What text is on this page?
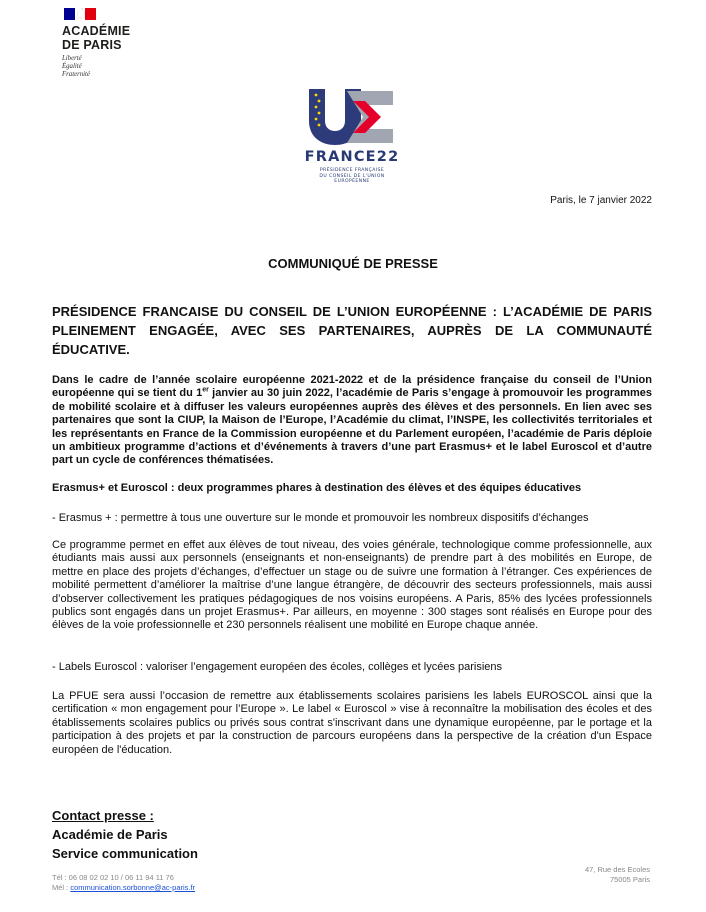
ACADÉMIE
DE PARIS
Liberté
Égalité
Fraternité
FRANCE22
PRÉSIDENCE FRANÇAISE
DU CONSEIL DE L'UNION
EUROPÉENNE
Paris, le 7 janvier 2022
COMMUNIQUÉ DE PRESSE
PRÉSIDENCE FRANCAISE DU CONSEIL DE L’UNION EUROPÉENNE : L’ACADÉMIE DE PARIS PLEINEMENT ENGAGÉE, AVEC SES PARTENAIRES, AUPRÈS DE LA COMMUNAUTÉ ÉDUCATIVE.
Dans le cadre de l’année scolaire européenne 2021-2022 et de la présidence française du conseil de l’Union européenne qui se tient du 1er janvier au 30 juin 2022, l’académie de Paris s’engage à promouvoir les programmes de mobilité scolaire et à diffuser les valeurs européennes auprès des élèves et des personnels. En lien avec ses partenaires que sont la CIUP, la Maison de l’Europe, l’Académie du climat, l’INSPE, les collectivités territoriales et les représentants en France de la Commission européenne et du Parlement européen, l’académie de Paris déploie un ambitieux programme d’actions et d’événements à travers d’une part Erasmus+ et le label Euroscol et d’autre part un cycle de conférences thématisées.
Erasmus+ et Euroscol : deux programmes phares à destination des élèves et des équipes éducatives
- Erasmus + : permettre à tous une ouverture sur le monde et promouvoir les nombreux dispositifs d’échanges
Ce programme permet en effet aux élèves de tout niveau, des voies générale, technologique comme professionnelle, aux étudiants mais aussi aux personnels (enseignants et non-enseignants) de prendre part à des mobilités en Europe, de mettre en place des projets d’échanges, d’effectuer un stage ou de suivre une formation à l’étranger. Ces expériences de mobilité permettent d’améliorer la maîtrise d’une langue étrangère, de découvrir des secteurs professionnels, mais aussi d’observer collectivement les pratiques pédagogiques de nos voisins européens. A Paris, 85% des lycées professionnels publics sont engagés dans un projet Erasmus+. Par ailleurs, en moyenne : 300 stages sont réalisés en Europe pour des élèves de la voie professionnelle et 230 personnels réalisent une mobilité en Europe chaque année.
- Labels Euroscol : valoriser l’engagement européen des écoles, collèges et lycées parisiens
La PFUE sera aussi l’occasion de remettre aux établissements scolaires parisiens les labels EUROSCOL ainsi que la certification « mon engagement pour l’Europe ». Le label « Euroscol » vise à reconnaître la mobilisation des écoles et des établissements scolaires publics ou privés sous contrat s'inscrivant dans une dynamique européenne, par le portage et la participation à des projets et par la construction de parcours européens dans la perspective de la création d'un Espace européen de l'éducation.
Contact presse :
Académie de Paris
Service communication
Tél : 06 08 02 02 10 / 06 11 94 11 76
Mél : communication.sorbonne@ac-paris.fr
47, Rue des Ecoles
75005 Paris
